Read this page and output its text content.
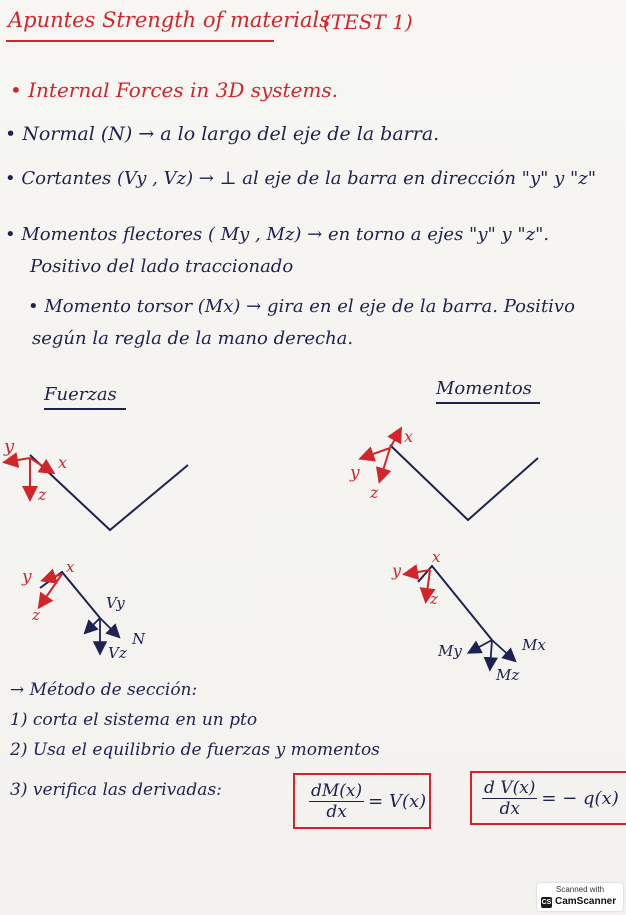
Apuntes Strength of materials
(TEST 1)
• Internal Forces in 3D systems.
• Normal (N) → a lo largo del eje de la barra.
• Cortantes (Vy , Vz) → ⊥ al eje de la barra en dirección "y" y "z"
• Momentos flectores ( My , Mz) → en torno a ejes "y" y "z".
Positivo del lado traccionado
• Momento torsor (Mx) → gira en el eje de la barra. Positivo
según la regla de la mano derecha.
Fuerzas	Momentos
y
x
z
y
x
z
y x
z
Vy
Vz
N
y
x
z
My	Mx
Mz
→ Método de sección:
1) corta el sistema en un pto
2) Usa el equilibrio de fuerzas y momentos
3) verifica las derivadas:	$\frac{dM(x)}{dx} = V(x)$	$\frac{\text{d V(x)}}{dx}$ = − q(x)
Scanned with
CS CamScanner
